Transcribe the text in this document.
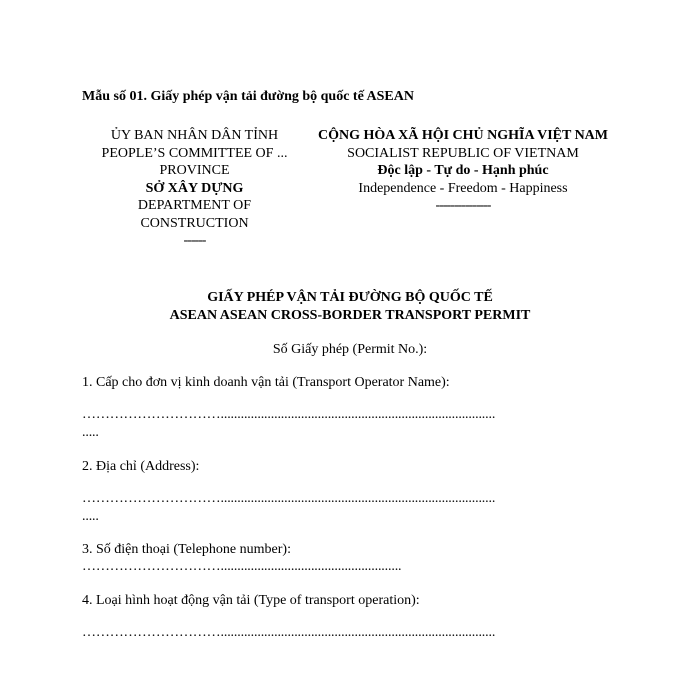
Mẫu số 01. Giấy phép vận tải đường bộ quốc tế ASEAN
ỦY BAN NHÂN DÂN TỈNH
PEOPLE’S COMMITTEE OF ...
PROVINCE
SỞ XÂY DỰNG
DEPARTMENT OF
CONSTRUCTION
------
CỘNG HÒA XÃ HỘI CHỦ NGHĨA VIỆT NAM
SOCIALIST REPUBLIC OF VIETNAM
Độc lập - Tự do - Hạnh phúc
Independence - Freedom - Happiness
---------------
GIẤY PHÉP VẬN TẢI ĐƯỜNG BỘ QUỐC TẾ
ASEAN ASEAN CROSS-BORDER TRANSPORT PERMIT
Số Giấy phép (Permit No.):
1. Cấp cho đơn vị kinh doanh vận tải (Transport Operator Name):
…………………………..................................................................................
.....
2. Địa chỉ (Address):
…………………………..................................................................................
.....
3. Số điện thoại (Telephone number):
…………………………......................................................
4. Loại hình hoạt động vận tải (Type of transport operation):
…………………………..................................................................................
